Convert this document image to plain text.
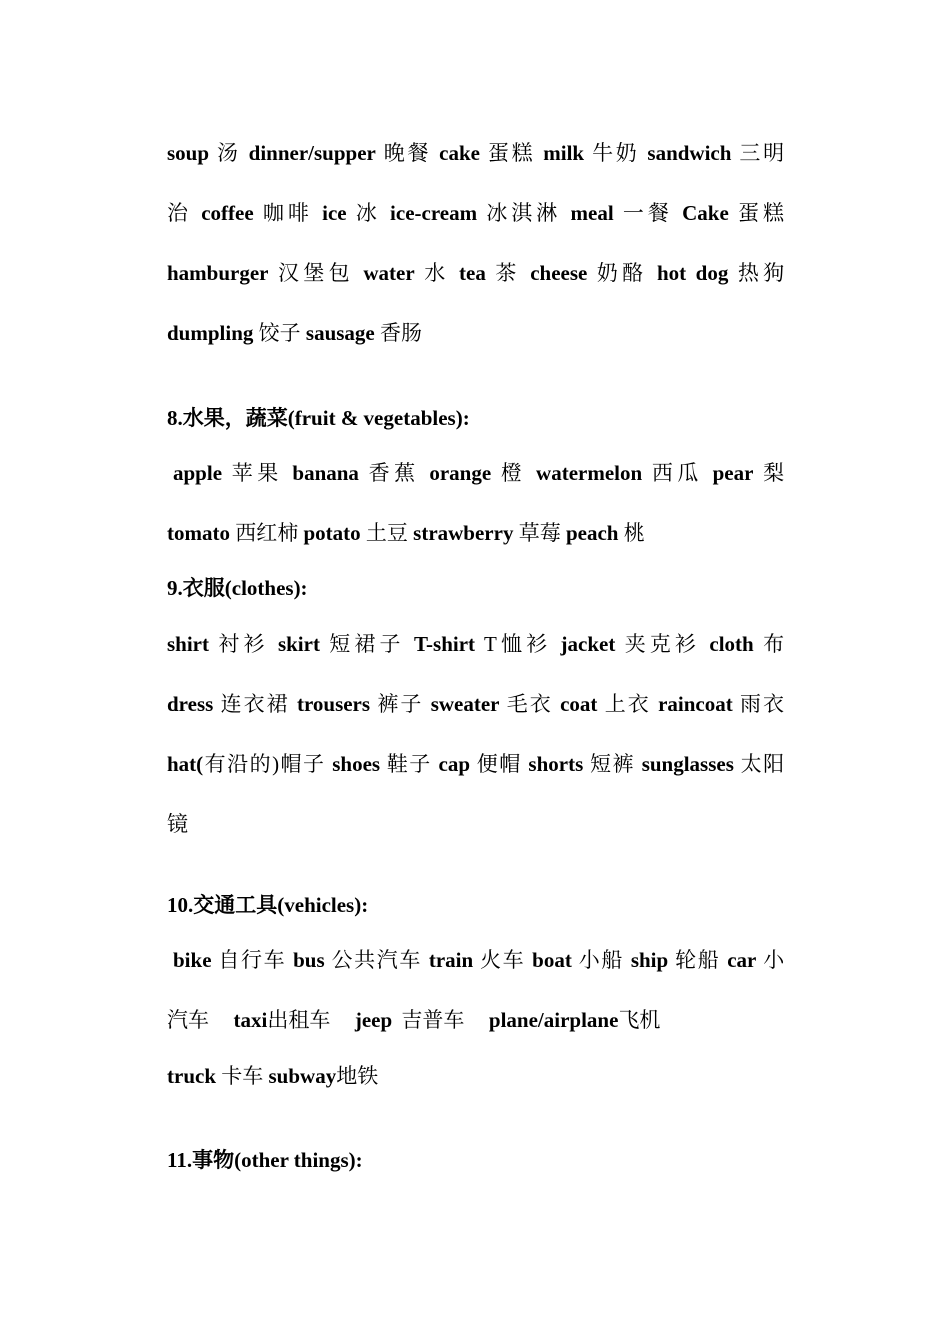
soup 汤 dinner/supper 晚餐 cake 蛋糕 milk 牛奶 sandwich 三明
治 coffee 咖啡 ice 冰 ice-cream 冰淇淋 meal 一餐 Cake 蛋糕
hamburger 汉堡包 water 水 tea 茶 cheese 奶酪 hot dog 热狗
dumpling 饺子 sausage 香肠
8.水果，蔬菜(fruit & vegetables):
apple 苹果 banana 香蕉 orange 橙 watermelon 西瓜 pear 梨
tomato 西红柿 potato 土豆 strawberry 草莓 peach 桃
9.衣服(clothes):
shirt 衬衫 skirt 短裙子 T-shirt T恤衫 jacket 夹克衫 cloth 布
dress 连衣裙 trousers 裤子 sweater 毛衣 coat 上衣 raincoat 雨衣
hat(有沿的)帽子 shoes 鞋子 cap 便帽 shorts 短裤 sunglasses 太阳
镜
10.交通工具(vehicles):
bike 自行车 bus 公共汽车 train 火车 boat 小船 ship 轮船 car 小
汽车 taxi出租车 jeep 吉普车 plane/airplane飞机
truck 卡车 subway地铁
11.事物(other things):
